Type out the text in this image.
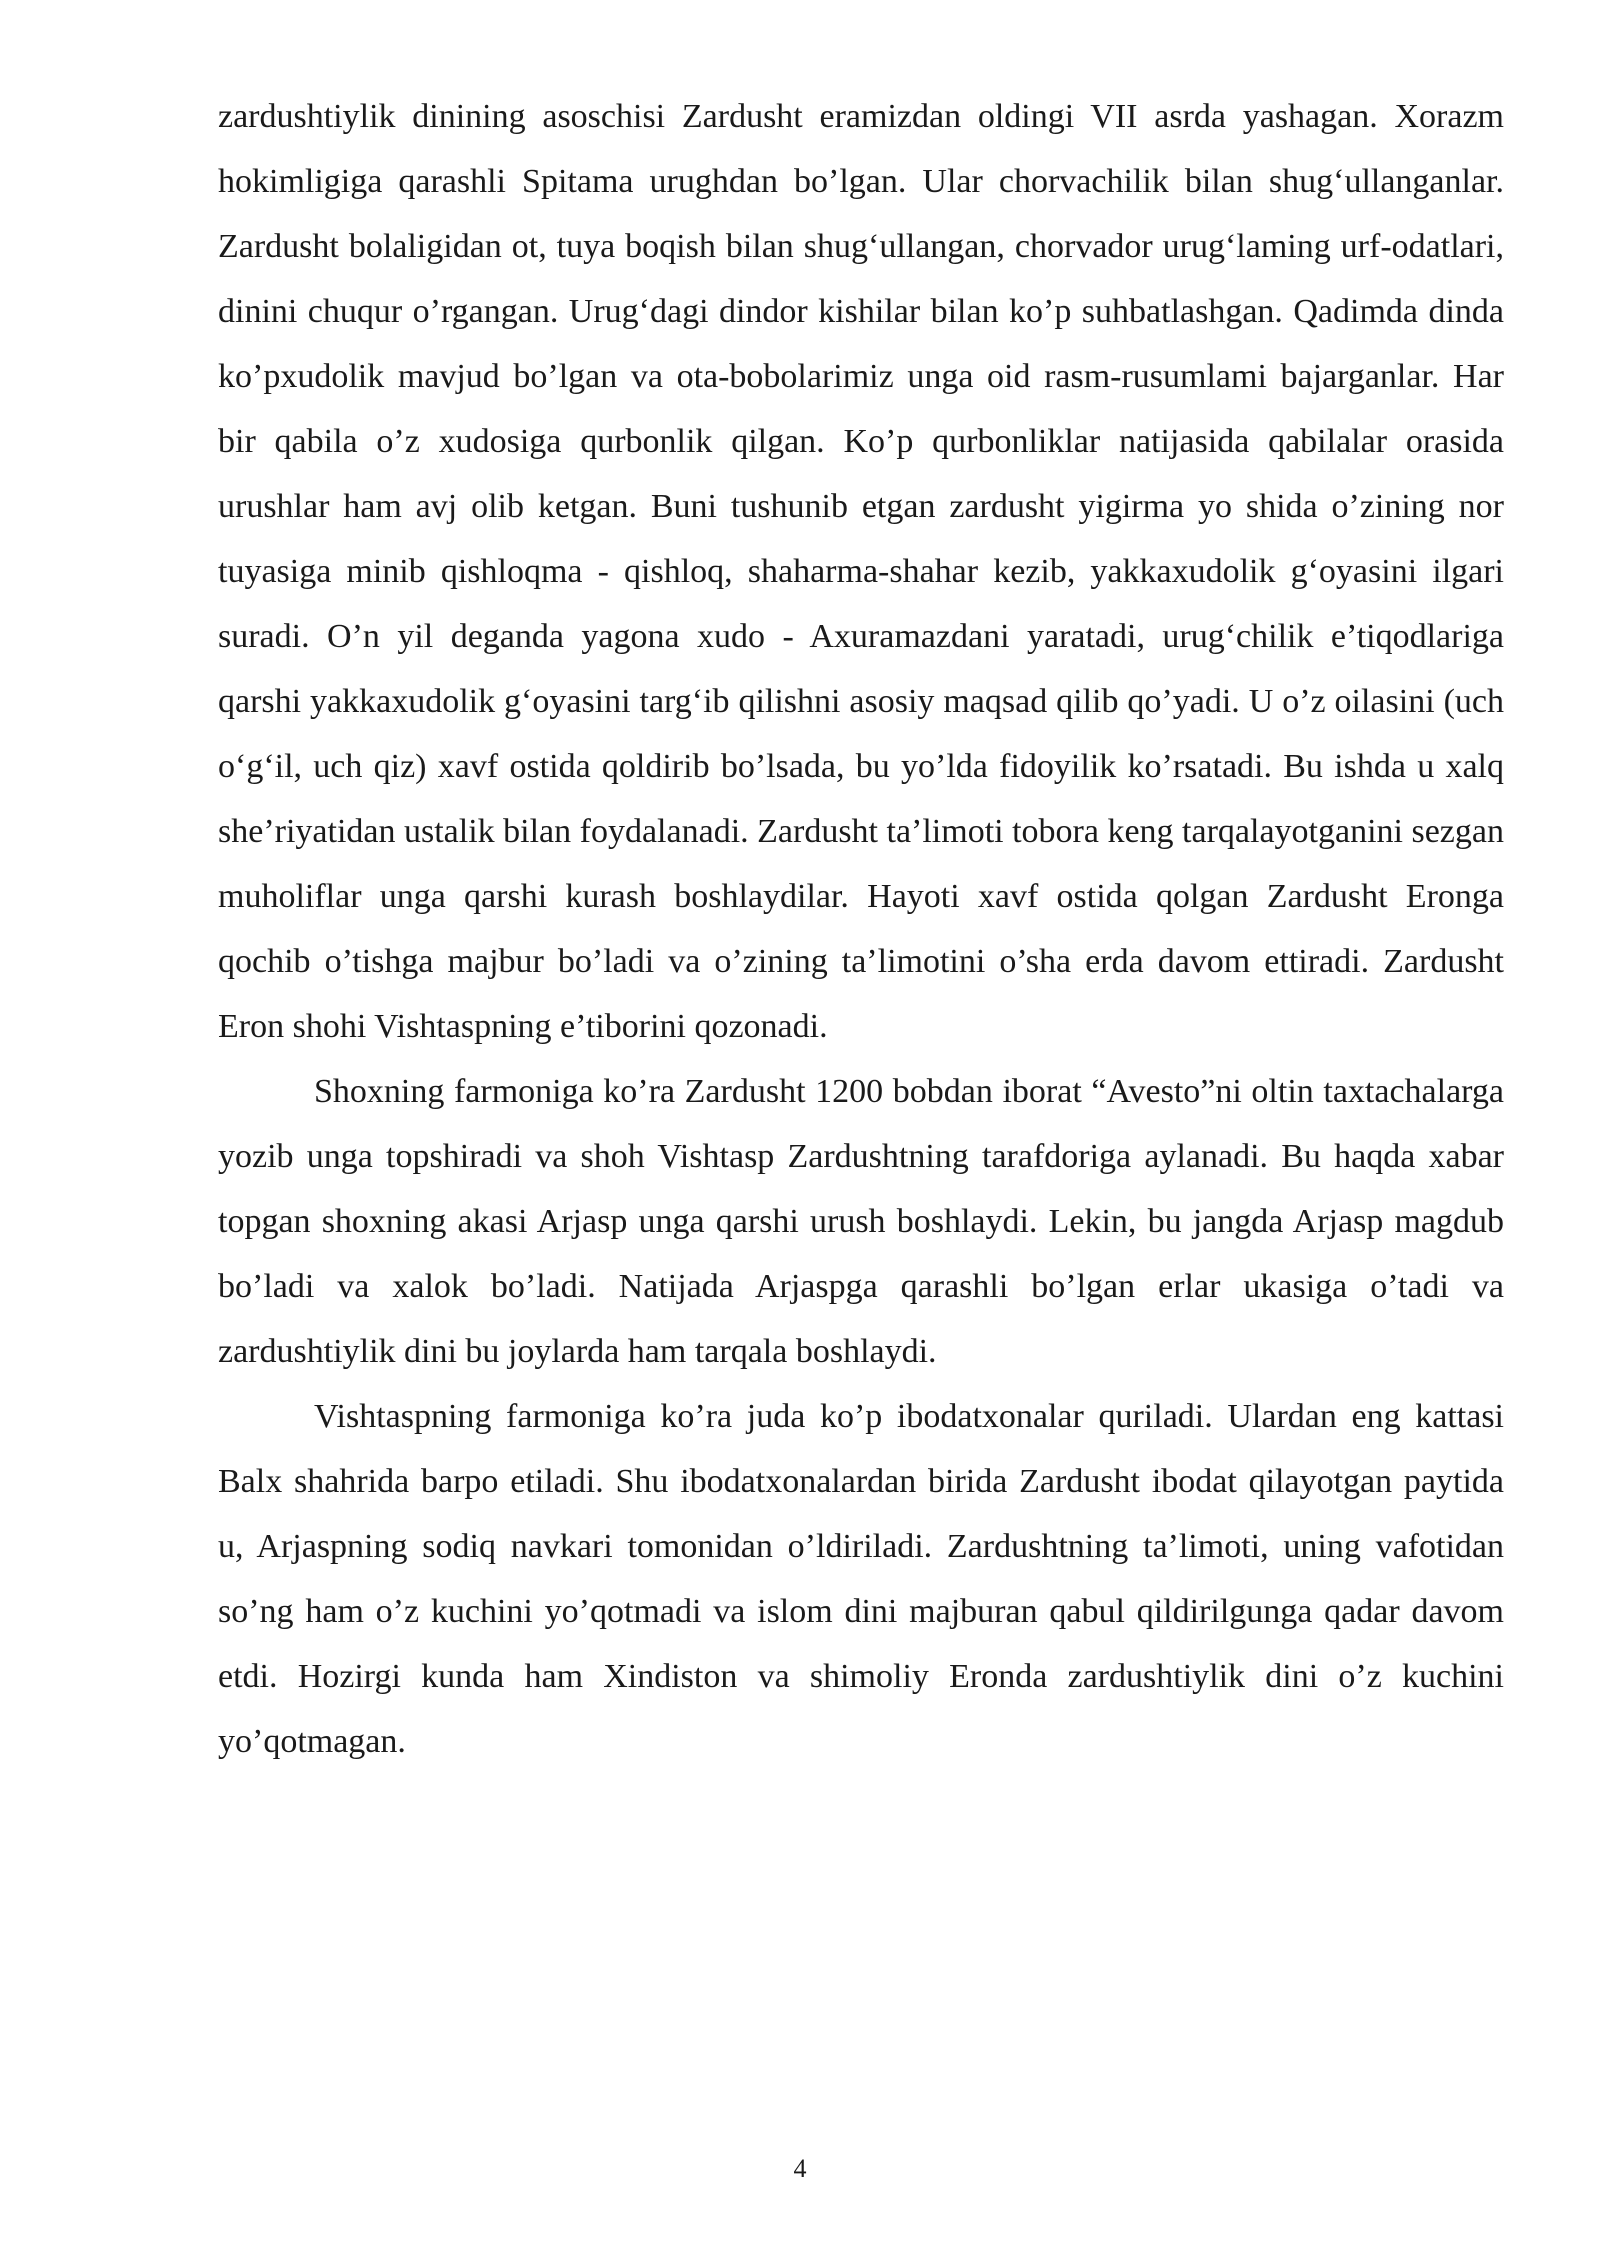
zardushtiylik dinining asoschisi Zardusht eramizdan oldingi VII asrda yashagan. Xorazm hokimligiga qarashli Spitama urughdan bo’lgan. Ular chorvachilik bilan shug‘ullanganlar. Zardusht bolaligidan ot, tuya boqish bilan shug‘ullangan, chorvador urug‘laming urf-odatlari, dinini chuqur o’rgangan. Urug‘dagi dindor kishilar bilan ko’p suhbatlashgan. Qadimda dinda ko’pxudolik mavjud bo’lgan va ota-bobolarimiz unga oid rasm-rusumlami bajarganlar. Har bir qabila o’z xudosiga qurbonlik qilgan. Ko’p qurbonliklar natijasida qabilalar orasida urushlar ham avj olib ketgan. Buni tushunib etgan zardusht yigirma yo shida o’zining nor tuyasiga minib qishloqma - qishloq, shaharma-shahar kezib, yakkaxudolik g‘oyasini ilgari suradi. O’n yil deganda yagona xudo - Axuramazdani yaratadi, urug‘chilik e’tiqodlariga qarshi yakkaxudolik g‘oyasini targ‘ib qilishni asosiy maqsad qilib qo’yadi. U o’z oilasini (uch o‘g‘il, uch qiz) xavf ostida qoldirib bo’lsada, bu yo’lda fidoyilik ko’rsatadi. Bu ishda u xalq she’riyatidan ustalik bilan foydalanadi. Zardusht ta’limoti tobora keng tarqalayotganini sezgan muholiflar unga qarshi kurash boshlaydilar. Hayoti xavf ostida qolgan Zardusht Eronga qochib o’tishga majbur bo’ladi va o’zining ta’limotini o’sha erda davom ettiradi. Zardusht Eron shohi Vishtaspning e’tiborini qozonadi.

Shoxning farmoniga ko’ra Zardusht 1200 bobdan iborat “Avesto”ni oltin taxtachalarga yozib unga topshiradi va shoh Vishtasp Zardushtning tarafdoriga aylanadi. Bu haqda xabar topgan shoxning akasi Arjasp unga qarshi urush boshlaydi. Lekin, bu jangda Arjasp magdub bo’ladi va xalok bo’ladi. Natijada Arjaspga qarashli bo’lgan erlar ukasiga o’tadi va zardushtiylik dini bu joylarda ham tarqala boshlaydi.

Vishtaspning farmoniga ko’ra juda ko’p ibodatxonalar quriladi. Ulardan eng kattasi Balx shahrida barpo etiladi. Shu ibodatxonalardan birida Zardusht ibodat qilayotgan paytida u, Arjaspning sodiq navkari tomonidan o’ldiriladi. Zardushtning ta’limoti, uning vafotidan so’ng ham o’z kuchini yo’qotmadi va islom dini majburan qabul qildirilgunga qadar davom etdi. Hozirgi kunda ham Xindiston va shimoliy Eronda zardushtiylik dini o’z kuchini yo’qotmagan.

4
